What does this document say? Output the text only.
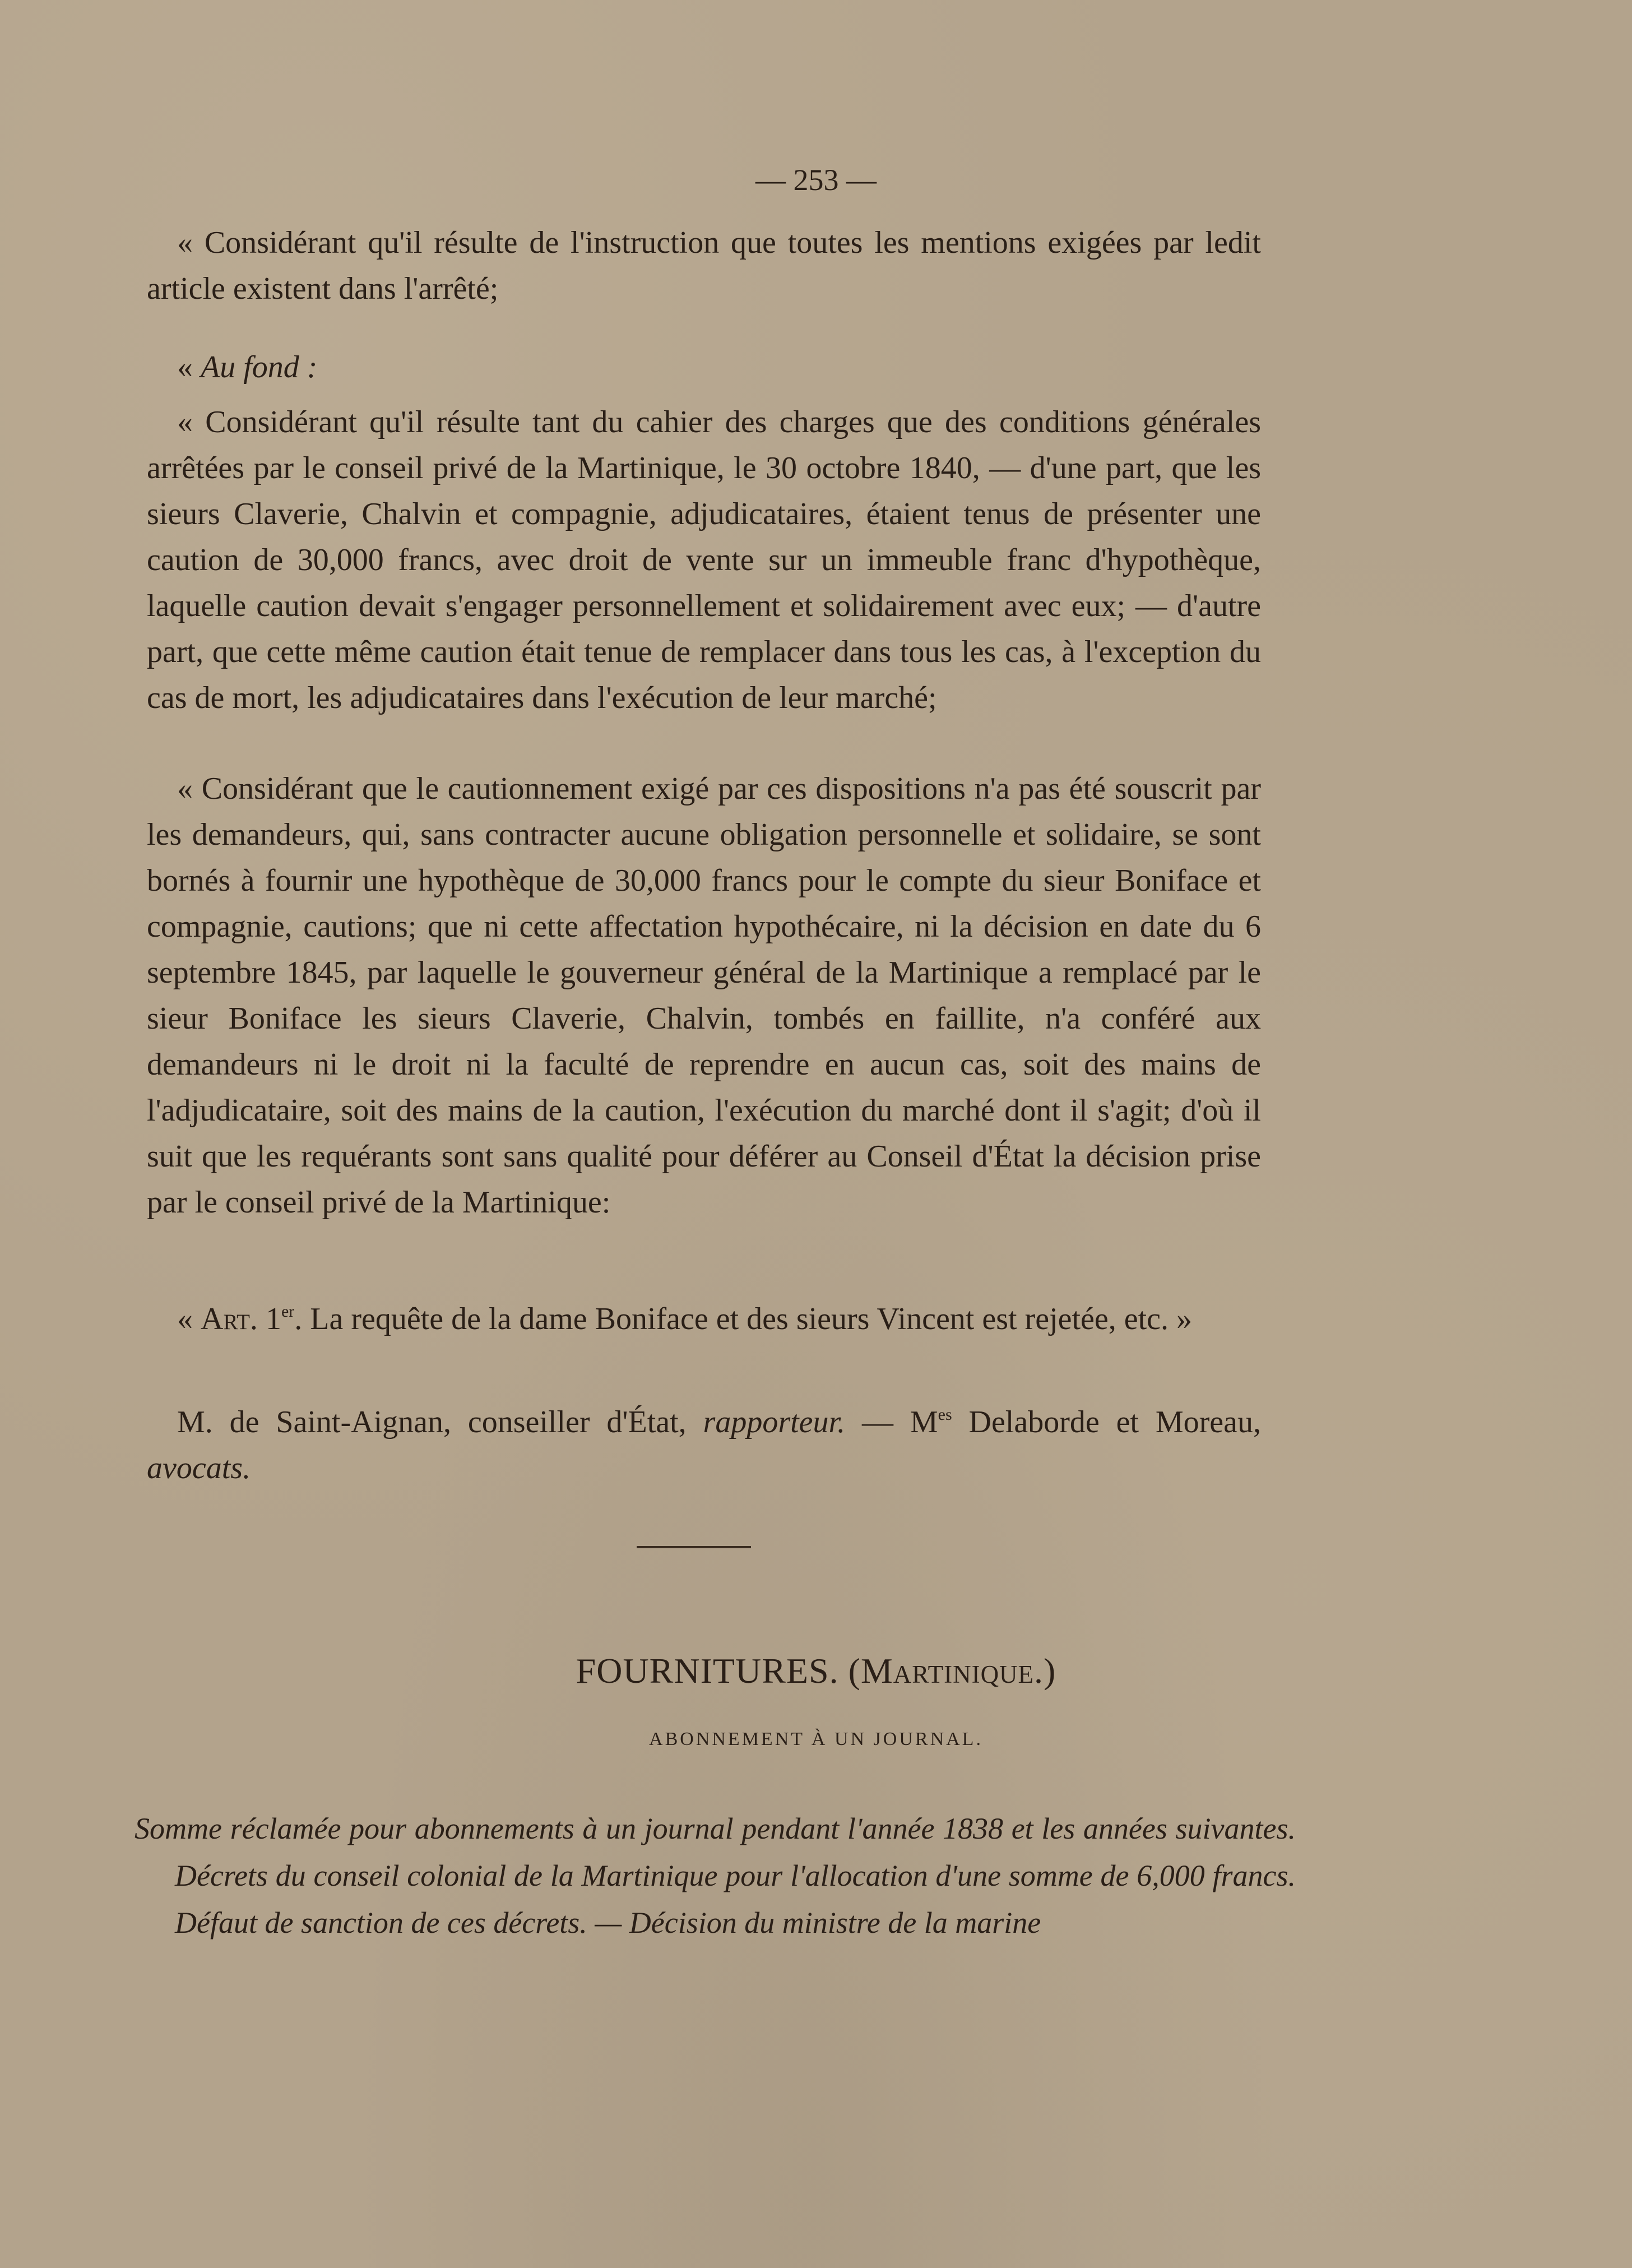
— 253 —

« Considérant qu'il résulte de l'instruction que toutes les mentions exigées par ledit article existent dans l'arrêté;

« Au fond :

« Considérant qu'il résulte tant du cahier des charges que des conditions générales arrêtées par le conseil privé de la Martinique, le 30 octobre 1840, — d'une part, que les sieurs Claverie, Chalvin et compagnie, adjudicataires, étaient tenus de présenter une caution de 30,000 francs, avec droit de vente sur un immeuble franc d'hypothèque, laquelle caution devait s'engager personnellement et solidairement avec eux; — d'autre part, que cette même caution était tenue de remplacer dans tous les cas, à l'exception du cas de mort, les adjudicataires dans l'exécution de leur marché;

« Considérant que le cautionnement exigé par ces dispositions n'a pas été souscrit par les demandeurs, qui, sans contracter aucune obligation personnelle et solidaire, se sont bornés à fournir une hypothèque de 30,000 francs pour le compte du sieur Boniface et compagnie, cautions; que ni cette affectation hypothécaire, ni la décision en date du 6 septembre 1845, par laquelle le gouverneur général de la Martinique a remplacé par le sieur Boniface les sieurs Claverie, Chalvin, tombés en faillite, n'a conféré aux demandeurs ni le droit ni la faculté de reprendre en aucun cas, soit des mains de l'adjudicataire, soit des mains de la caution, l'exécution du marché dont il s'agit; d'où il suit que les requérants sont sans qualité pour déférer au Conseil d'État la décision prise par le conseil privé de la Martinique:

« Art. 1er. La requête de la dame Boniface et des sieurs Vincent est rejetée, etc. »

M. de Saint-Aignan, conseiller d'État, rapporteur. — $M^{es}$ Delaborde et Moreau, avocats.

FOURNITURES. (Martinique.)
ABONNEMENT À UN JOURNAL.

Somme réclamée pour abonnements à un journal pendant l'année 1838 et les années suivantes. Décrets du conseil colonial de la Martinique pour l'allocation d'une somme de 6,000 francs. Défaut de sanction de ces décrets. — Décision du ministre de la marine
